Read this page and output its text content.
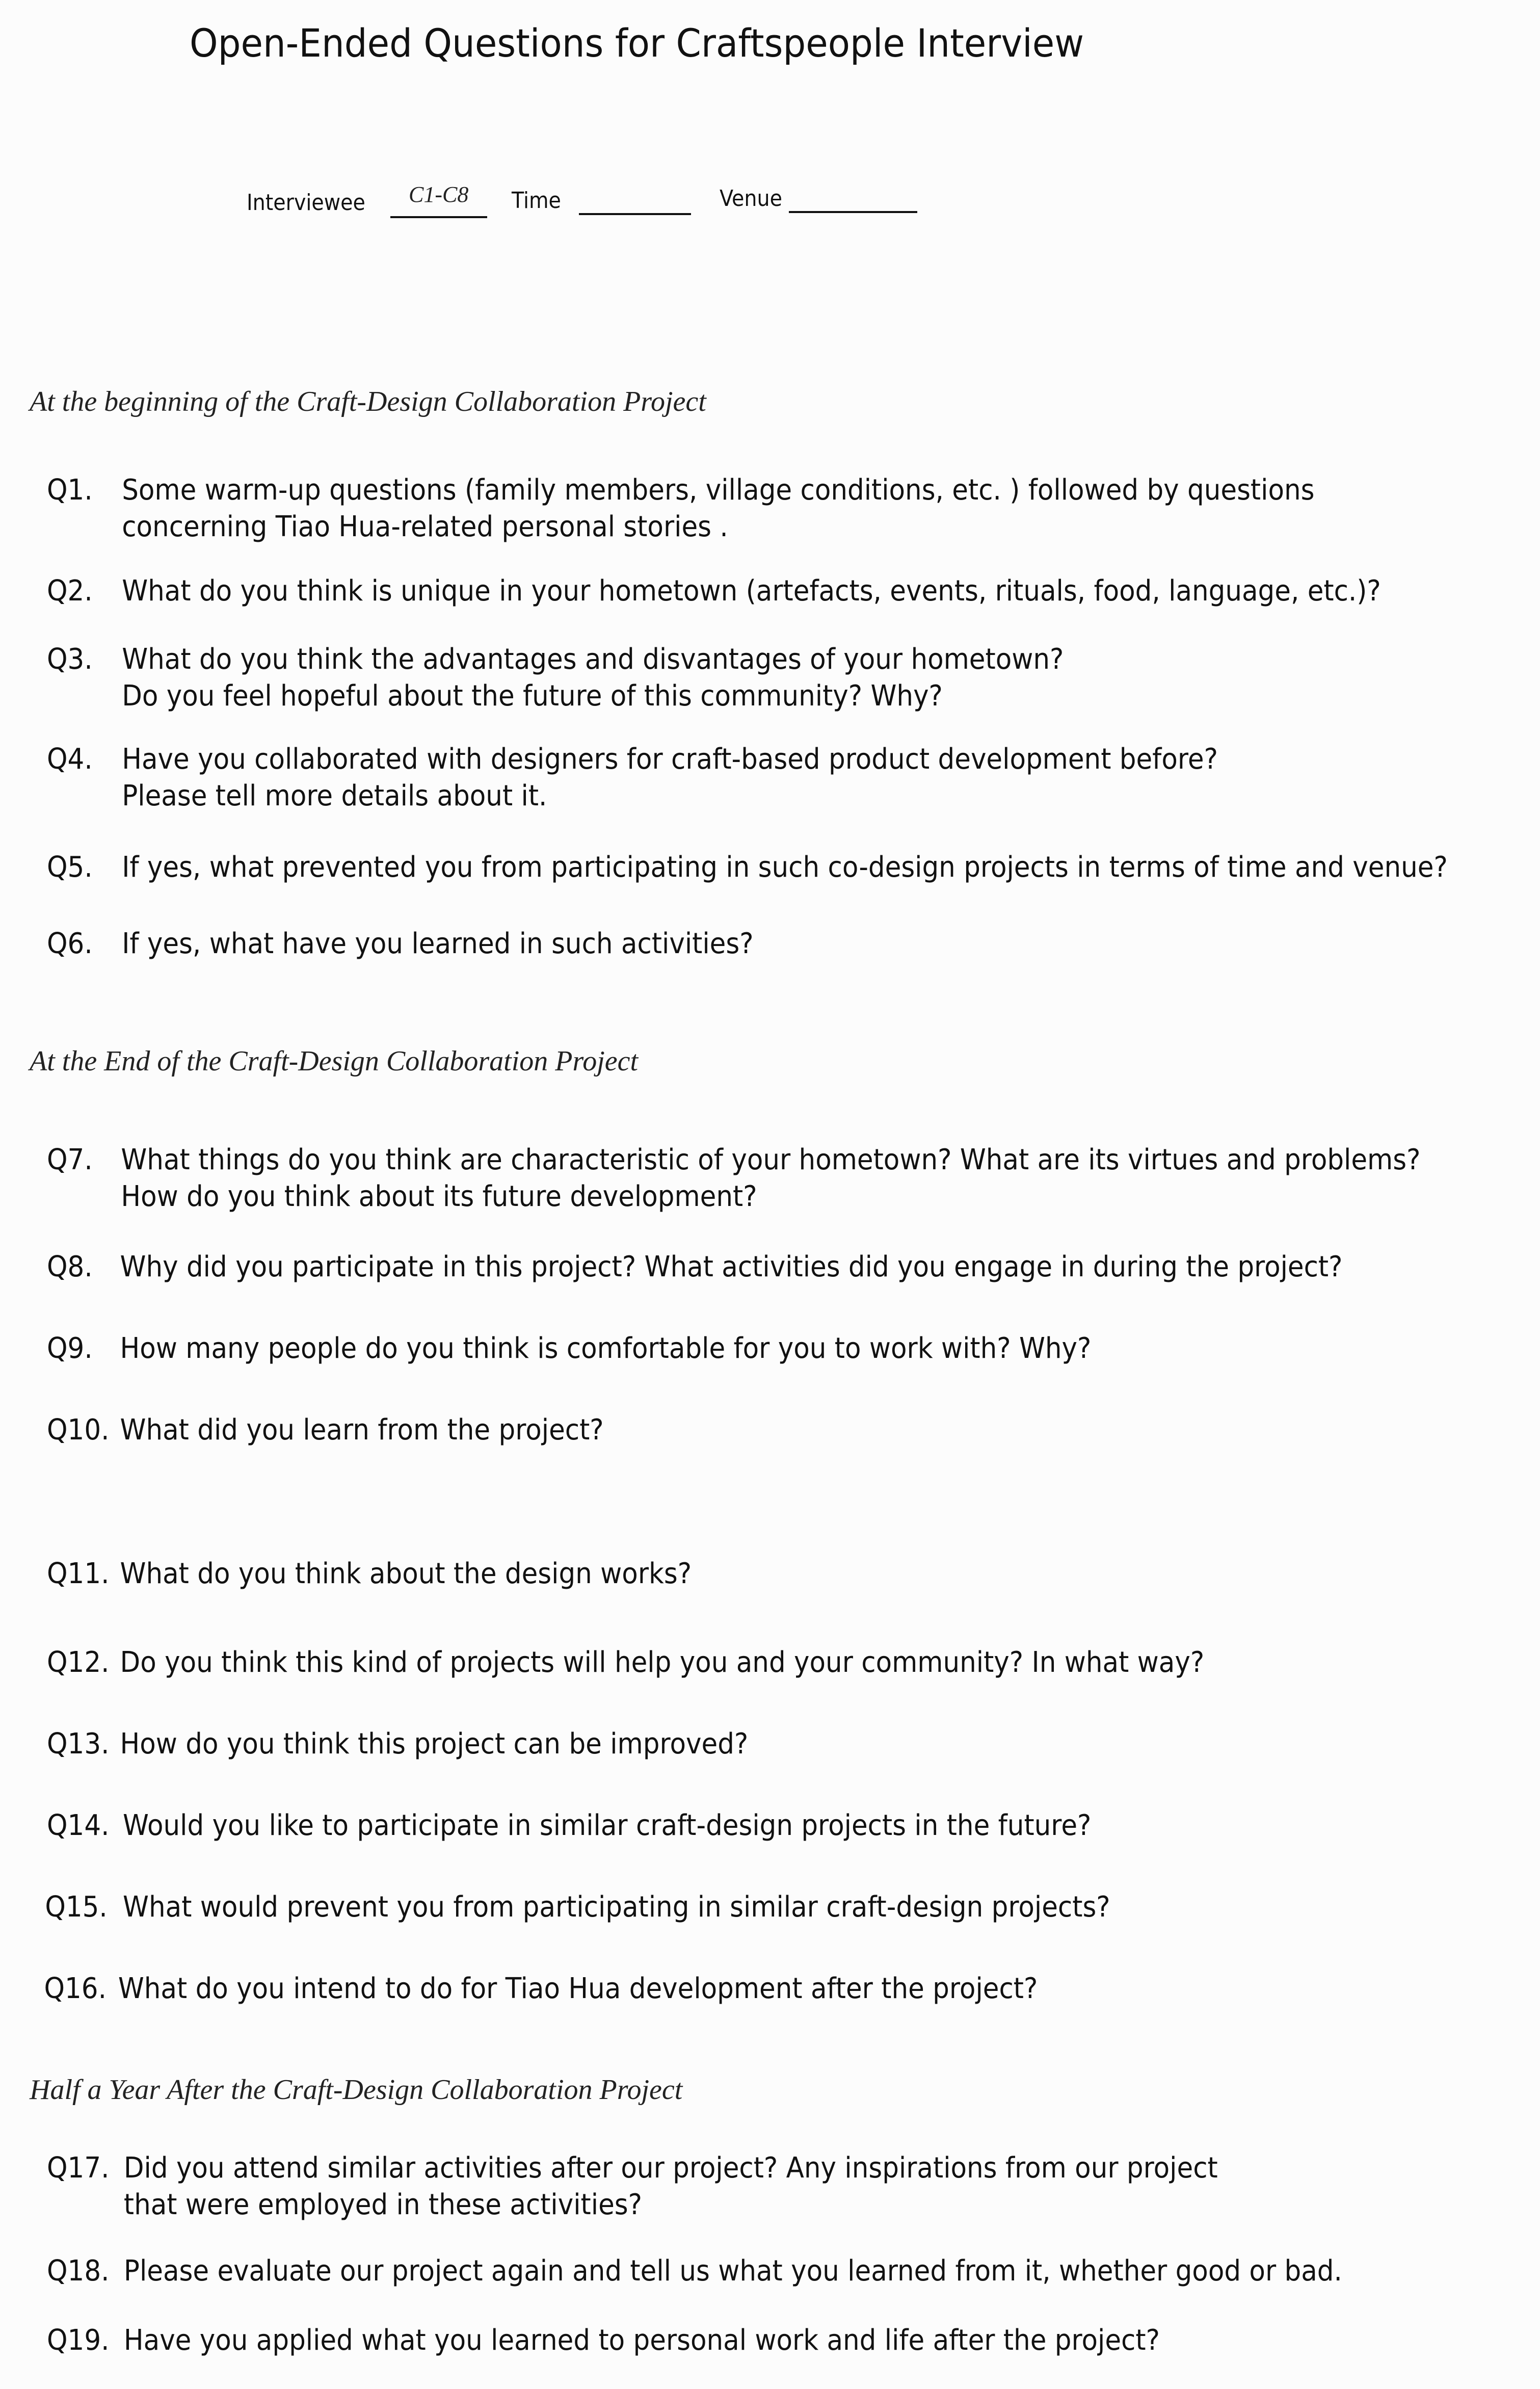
Open-Ended Questions for Craftspeople Interview
Interviewee C1-C8 Time	Venue
At the beginning of the Craft-Design Collaboration Project
Q1. Some warm-up questions (family members, village conditions, etc. ) followed by questions
concerning Tiao Hua-related personal stories .
Q2. What do you think is unique in your hometown (artefacts, events, rituals, food, language, etc.)?
Q3. What do you think the advantages and disvantages of your hometown?
Do you feel hopeful about the future of this community? Why?
Q4. Have you collaborated with designers for craft-based product development before?
Please tell more details about it.
Q5. If yes, what prevented you from participating in such co-design projects in terms of time and venue?
Q6. If yes, what have you learned in such activities?
At the End of the Craft-Design Collaboration Project
Q7. What things do you think are characteristic of your hometown? What are its virtues and problems?
How do you think about its future development?
Q8. Why did you participate in this project? What activities did you engage in during the project?
Q9. How many people do you think is comfortable for you to work with? Why?
Q10. What did you learn from the project?
Q11. What do you think about the design works?
Q12. Do you think this kind of projects will help you and your community? In what way?
Q13. How do you think this project can be improved?
Q14. Would you like to participate in similar craft-design projects in the future?
Q15. What would prevent you from participating in similar craft-design projects?
Q16. What do you intend to do for Tiao Hua development after the project?
Half a Year After the Craft-Design Collaboration Project
Q17. Did you attend similar activities after our project? Any inspirations from our project
that were employed in these activities?
Q18. Please evaluate our project again and tell us what you learned from it, whether good or bad.
Q19. Have you applied what you learned to personal work and life after the project?
